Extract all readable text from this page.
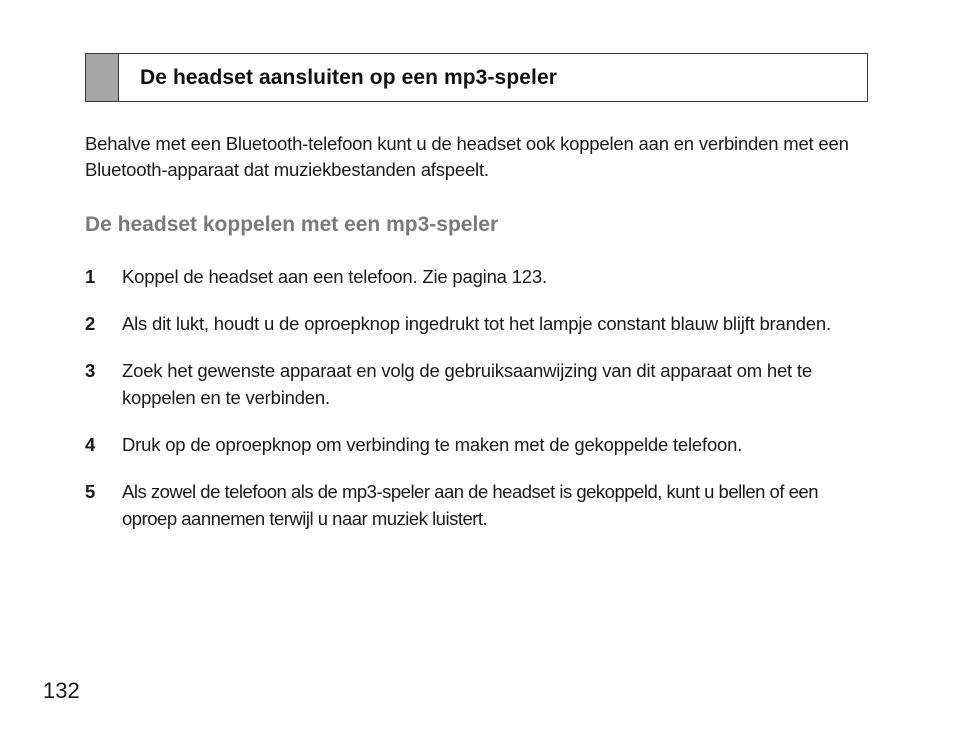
De headset aansluiten op een mp3-speler

Behalve met een Bluetooth-telefoon kunt u de headset ook koppelen aan en verbinden met een Bluetooth-apparaat dat muziekbestanden afspeelt.

De headset koppelen met een mp3-speler
1	Koppel de headset aan een telefoon. Zie pagina 123.
2	Als dit lukt, houdt u de oproepknop ingedrukt tot het lampje constant blauw blijft branden.
3	Zoek het gewenste apparaat en volg de gebruiksaanwijzing van dit apparaat om het te koppelen en te verbinden.
4	Druk op de oproepknop om verbinding te maken met de gekoppelde telefoon.
5	Als zowel de telefoon als de mp3-speler aan de headset is gekoppeld, kunt u bellen of een oproep aannemen terwijl u naar muziek luistert.
132
